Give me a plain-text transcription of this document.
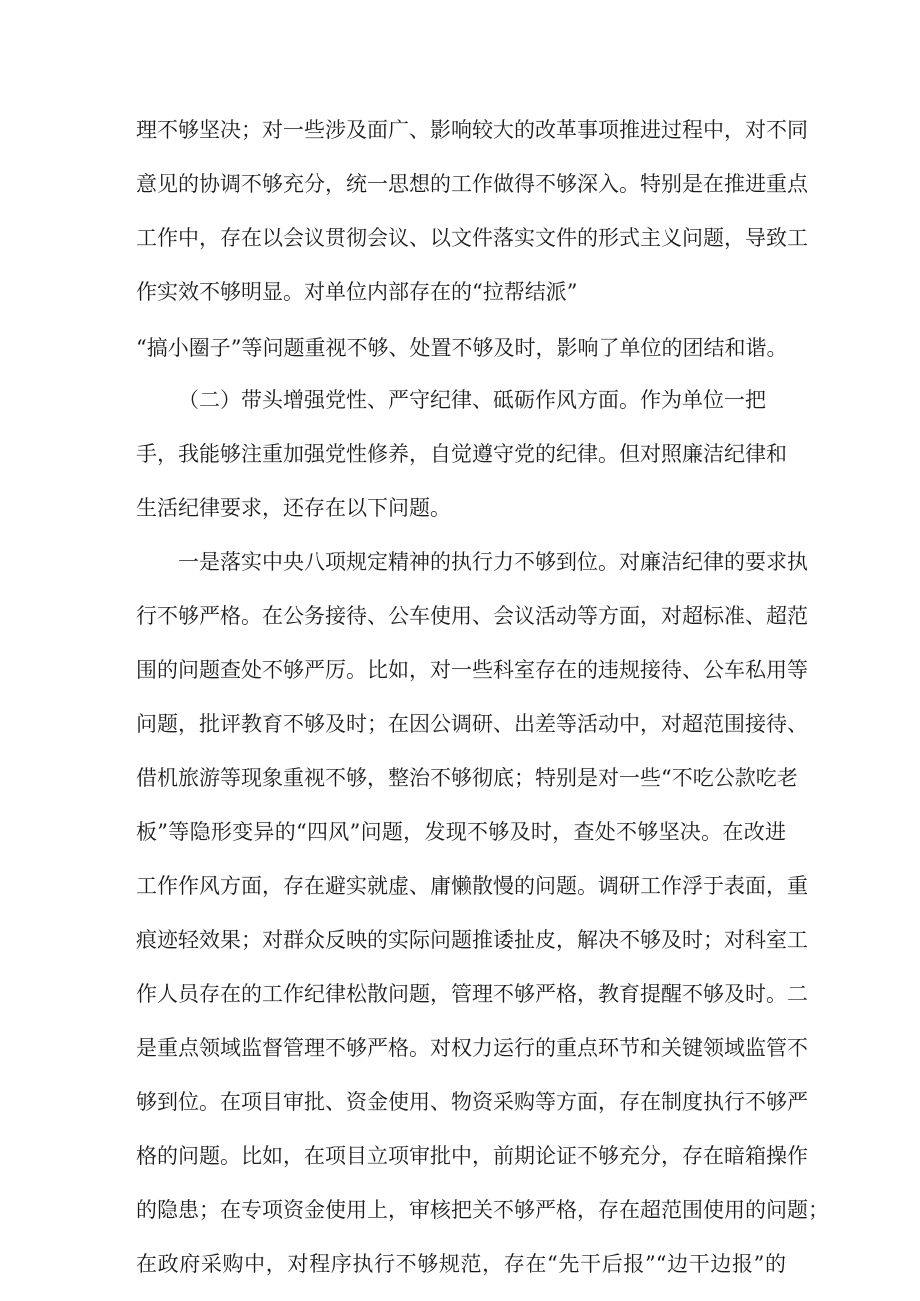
理不够坚决；对一些涉及面广、影响较大的改革事项推进过程中，对不同
意见的协调不够充分，统一思想的工作做得不够深入。特别是在推进重点
工作中，存在以会议贯彻会议、以文件落实文件的形式主义问题，导致工
作实效不够明显。对单位内部存在的“拉帮结派”
“搞小圈子”等问题重视不够、处置不够及时，影响了单位的团结和谐。
（二）带头增强党性、严守纪律、砥砺作风方面。作为单位一把
手，我能够注重加强党性修养，自觉遵守党的纪律。但对照廉洁纪律和
生活纪律要求，还存在以下问题。
一是落实中央八项规定精神的执行力不够到位。对廉洁纪律的要求执
行不够严格。在公务接待、公车使用、会议活动等方面，对超标准、超范
围的问题查处不够严厉。比如，对一些科室存在的违规接待、公车私用等
问题，批评教育不够及时；在因公调研、出差等活动中，对超范围接待、
借机旅游等现象重视不够，整治不够彻底；特别是对一些“不吃公款吃老
板”等隐形变异的“四风”问题，发现不够及时，查处不够坚决。在改进
工作作风方面，存在避实就虚、庸懒散慢的问题。调研工作浮于表面，重
痕迹轻效果；对群众反映的实际问题推诿扯皮，解决不够及时；对科室工
作人员存在的工作纪律松散问题，管理不够严格，教育提醒不够及时。二
是重点领域监督管理不够严格。对权力运行的重点环节和关键领域监管不
够到位。在项目审批、资金使用、物资采购等方面，存在制度执行不够严
格的问题。比如，在项目立项审批中，前期论证不够充分，存在暗箱操作
的隐患；在专项资金使用上，审核把关不够严格，存在超范围使用的问题；
在政府采购中，对程序执行不够规范，存在“先干后报”“边干边报”的
